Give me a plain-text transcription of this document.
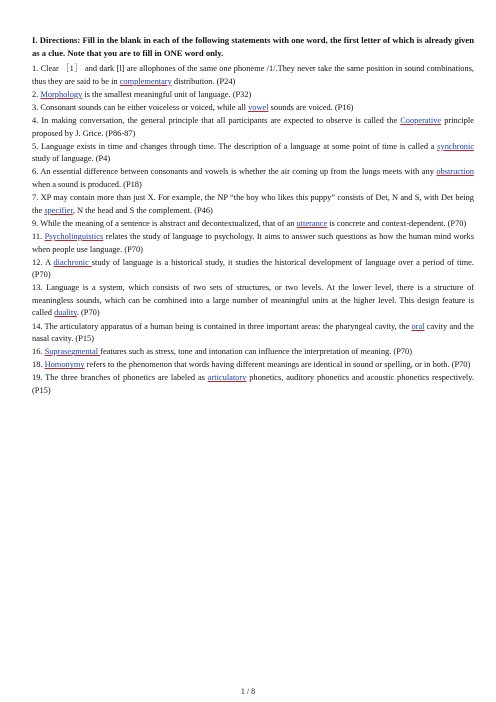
I. Directions: Fill in the blank in each of the following statements with one word, the first letter of which is already given as a clue. Note that you are to fill in ONE word only.

1. Clear ［1］ and dark [l] are allophones of the same one phoneme /1/.They never take the same position in sound combinations, thus they are said to be in complementary distribution. (P24)

2. Morphology is the smallest meaningful unit of language. (P32)

3. Consonant sounds can be either voiceless or voiced, while all vowel sounds are voiced. (P16)

4. In making conversation, the general principle that all participants are expected to observe is called the Cooperative principle proposed by J. Grice. (P86-87)

5. Language exists in time and changes through time. The description of a language at some point of time is called a synchronic study of language. (P4)

6. An essential difference between consonants and vowels is whether the air coming up from the lungs meets with any obstruction when a sound is produced. (P18)

7. XP may contain more than just X. For example, the NP “the boy who likes this puppy” consists of Det, N and S, with Det being the specifier, N the head and S the complement. (P46)

9. While the meaning of a sentence is abstract and decontextualized, that of an utterance is concrete and context-dependent. (P70)

11. Psycholinguistics relates the study of language to psychology. It aims to answer such questions as how the human mind works when people use language. (P70)

12. A diachronic study of language is a historical study, it studies the historical development of language over a period of time. (P70)

13. Language is a system, which consists of two sets of structures, or two levels. At the lower level, there is a structure of meaningless sounds, which can be combined into a large number of meaningful units at the higher level. This design feature is called duality. (P70)

14. The articulatory apparatus of a human being is contained in three important areas: the pharyngeal cavity, the oral cavity and the nasal cavity. (P15)

16. Suprasegmental features such as stress, tone and intonation can influence the interpretation of meaning. (P70)

18. Homonymy refers to the phenomenon that words having different meanings are identical in sound or spelling, or in both. (P70)

19. The three branches of phonetics are labeled as articulatory phonetics, auditory phonetics and acoustic phonetics respectively. (P15)

1 / 8
